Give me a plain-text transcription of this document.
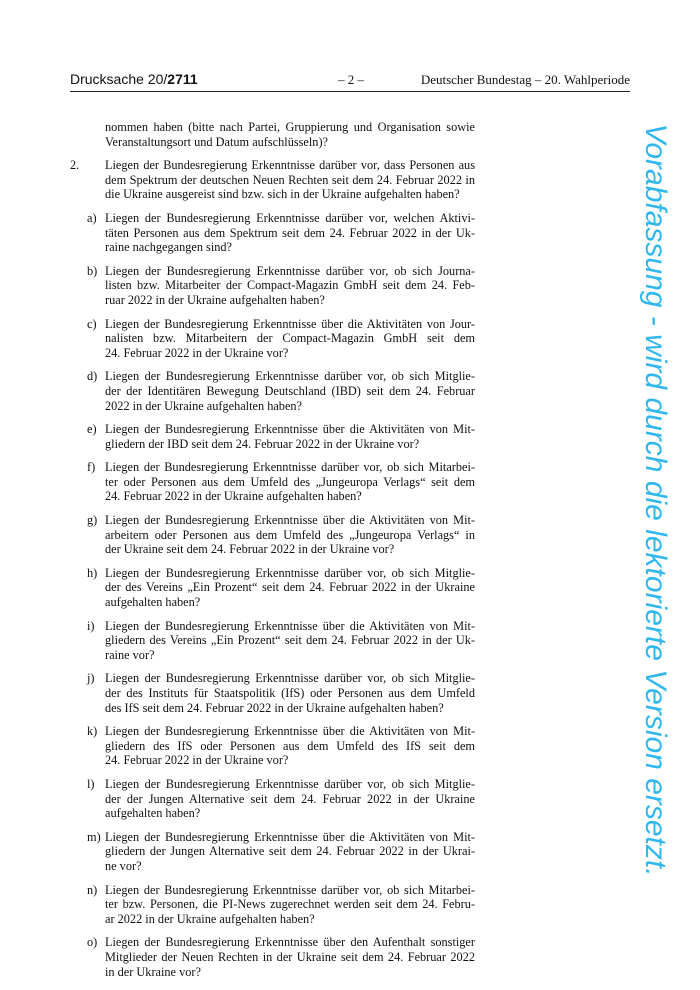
Drucksache 20/2711	– 2 –	Deutscher Bundestag – 20. Wahlperiode
nommen haben (bitte nach Partei, Gruppierung und Organisation sowie
Veranstaltungsort und Datum aufschlüsseln)?
2. Liegen der Bundesregierung Erkenntnisse darüber vor, dass Personen aus
dem Spektrum der deutschen Neuen Rechten seit dem 24. Februar 2022 in
die Ukraine ausgereist sind bzw. sich in der Ukraine aufgehalten haben?
a) Liegen der Bundesregierung Erkenntnisse darüber vor, welchen Aktivi-
täten Personen aus dem Spektrum seit dem 24. Februar 2022 in der Uk-
raine nachgegangen sind?
b) Liegen der Bundesregierung Erkenntnisse darüber vor, ob sich Journa-
listen bzw. Mitarbeiter der Compact-Magazin GmbH seit dem 24. Feb-
ruar 2022 in der Ukraine aufgehalten haben?
c) Liegen der Bundesregierung Erkenntnisse über die Aktivitäten von Jour-
nalisten bzw. Mitarbeitern der Compact-Magazin GmbH seit dem
24. Februar 2022 in der Ukraine vor?
d) Liegen der Bundesregierung Erkenntnisse darüber vor, ob sich Mitglie-
der der Identitären Bewegung Deutschland (IBD) seit dem 24. Februar
2022 in der Ukraine aufgehalten haben?
e) Liegen der Bundesregierung Erkenntnisse über die Aktivitäten von Mit-
gliedern der IBD seit dem 24. Februar 2022 in der Ukraine vor?
f) Liegen der Bundesregierung Erkenntnisse darüber vor, ob sich Mitarbei-
ter oder Personen aus dem Umfeld des „Jungeuropa Verlags“ seit dem
24. Februar 2022 in der Ukraine aufgehalten haben?
g) Liegen der Bundesregierung Erkenntnisse über die Aktivitäten von Mit-
arbeitern oder Personen aus dem Umfeld des „Jungeuropa Verlags“ in
der Ukraine seit dem 24. Februar 2022 in der Ukraine vor?
h) Liegen der Bundesregierung Erkenntnisse darüber vor, ob sich Mitglie-
der des Vereins „Ein Prozent“ seit dem 24. Februar 2022 in der Ukraine
aufgehalten haben?
i) Liegen der Bundesregierung Erkenntnisse über die Aktivitäten von Mit-
gliedern des Vereins „Ein Prozent“ seit dem 24. Februar 2022 in der Uk-
raine vor?
j) Liegen der Bundesregierung Erkenntnisse darüber vor, ob sich Mitglie-
der des Instituts für Staatspolitik (IfS) oder Personen aus dem Umfeld
des IfS seit dem 24. Februar 2022 in der Ukraine aufgehalten haben?
k) Liegen der Bundesregierung Erkenntnisse über die Aktivitäten von Mit-
gliedern des IfS oder Personen aus dem Umfeld des IfS seit dem
24. Februar 2022 in der Ukraine vor?
l) Liegen der Bundesregierung Erkenntnisse darüber vor, ob sich Mitglie-
der der Jungen Alternative seit dem 24. Februar 2022 in der Ukraine
aufgehalten haben?
m) Liegen der Bundesregierung Erkenntnisse über die Aktivitäten von Mit-
gliedern der Jungen Alternative seit dem 24. Februar 2022 in der Ukrai-
ne vor?
n) Liegen der Bundesregierung Erkenntnisse darüber vor, ob sich Mitarbei-
ter bzw. Personen, die PI-News zugerechnet werden seit dem 24. Febru-
ar 2022 in der Ukraine aufgehalten haben?
o) Liegen der Bundesregierung Erkenntnisse über den Aufenthalt sonstiger
Mitglieder der Neuen Rechten in der Ukraine seit dem 24. Februar 2022
in der Ukraine vor?
Vorabfassung - wird durch die lektorierte Version ersetzt.
